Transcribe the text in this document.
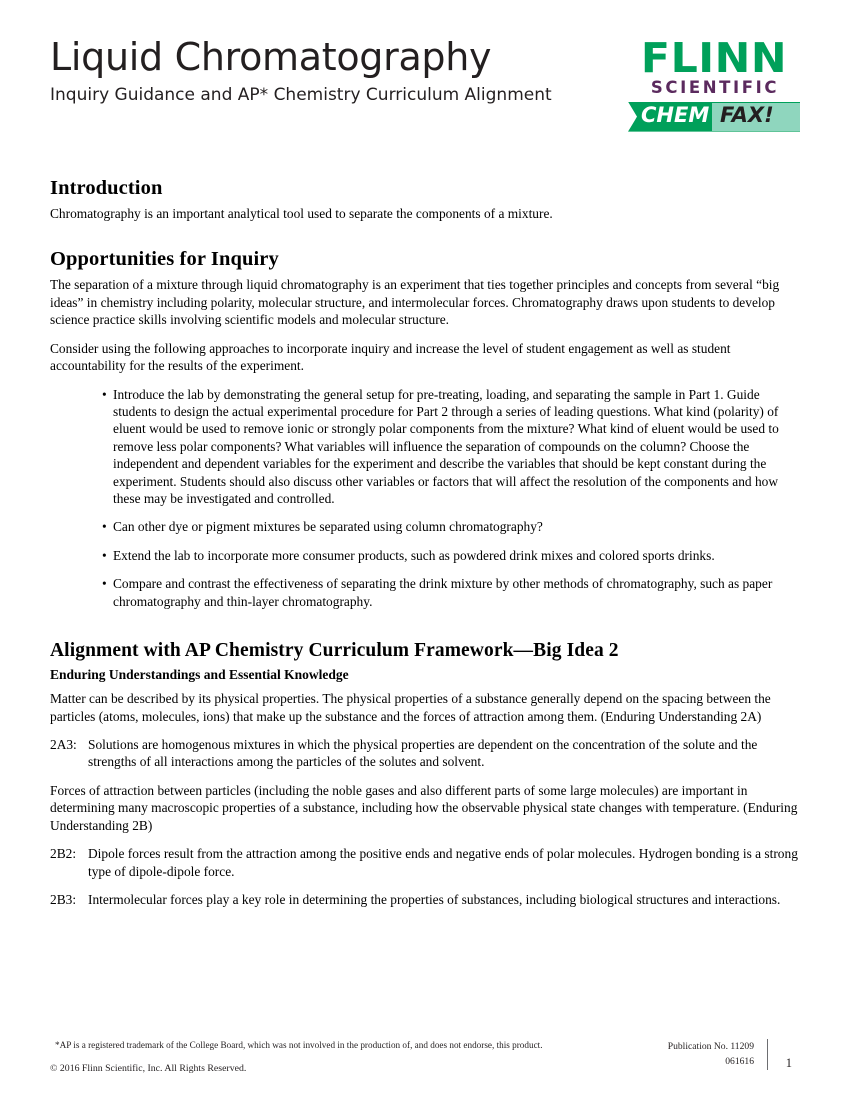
Liquid Chromatography
Inquiry Guidance and AP* Chemistry Curriculum Alignment
FLINN
SCIENTIFIC
CHEM FAX!
Introduction

Chromatography is an important analytical tool used to separate the components of a mixture.

Opportunities for Inquiry

The separation of a mixture through liquid chromatography is an experiment that ties together principles and concepts from several “big ideas” in chemistry including polarity, molecular structure, and intermolecular forces. Chromatography draws upon students to develop science practice skills involving scientific models and molecular structure.

Consider using the following approaches to incorporate inquiry and increase the level of student engagement as well as student accountability for the results of the experiment.

• Introduce the lab by demonstrating the general setup for pre-treating, loading, and separating the sample in Part 1. Guide students to design the actual experimental procedure for Part 2 through a series of leading questions. What kind (polarity) of eluent would be used to remove ionic or strongly polar components from the mixture? What kind of eluent would be used to remove less polar components? What variables will influence the separation of compounds on the column? Choose the independent and dependent variables for the experiment and describe the variables that should be kept constant during the experiment. Students should also discuss other variables or factors that will affect the resolution of the components and how these may be investigated and controlled.
• Can other dye or pigment mixtures be separated using column chromatography?
• Extend the lab to incorporate more consumer products, such as powdered drink mixes and colored sports drinks.
• Compare and contrast the effectiveness of separating the drink mixture by other methods of chromatography, such as paper chromatography and thin-layer chromatography.
Alignment with AP Chemistry Curriculum Framework—Big Idea 2
Enduring Understandings and Essential Knowledge

Matter can be described by its physical properties. The physical properties of a substance generally depend on the spacing between the particles (atoms, molecules, ions) that make up the substance and the forces of attraction among them. (Enduring Understanding 2A)

2A3: Solutions are homogenous mixtures in which the physical properties are dependent on the concentration of the solute and the strengths of all interactions among the particles of the solutes and solvent.

Forces of attraction between particles (including the noble gases and also different parts of some large molecules) are important in determining many macroscopic properties of a substance, including how the observable physical state changes with temperature. (Enduring Understanding 2B)

2B2: Dipole forces result from the attraction among the positive ends and negative ends of polar molecules. Hydrogen bonding is a strong type of dipole-dipole force.
2B3: Intermolecular forces play a key role in determining the properties of substances, including biological structures and interactions.
*AP is a registered trademark of the College Board, which was not involved in the production of, and does not endorse, this product.
© 2016 Flinn Scientific, Inc. All Rights Reserved.
Publication No. 11209
061616	1
